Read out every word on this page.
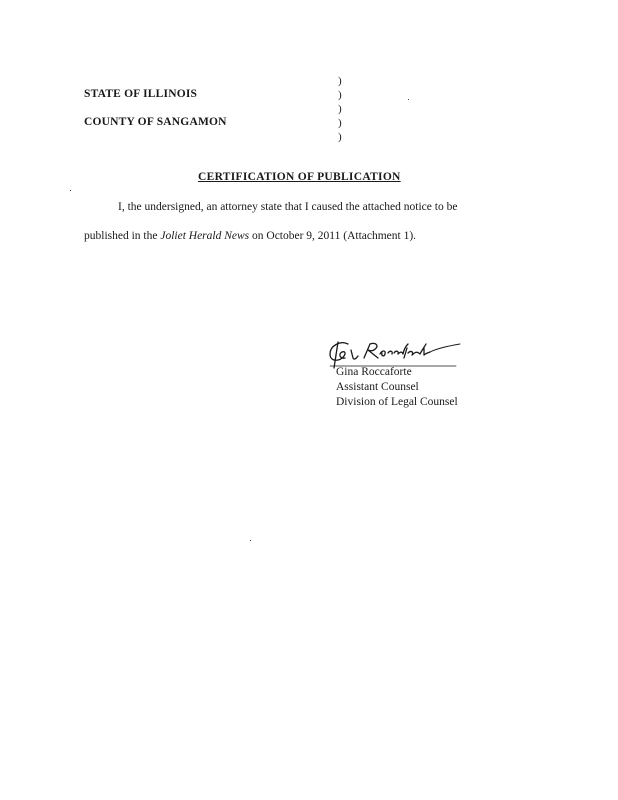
STATE OF ILLINOIS
COUNTY OF SANGAMON
)
)
)
)
)
CERTIFICATION OF PUBLICATION
I, the undersigned, an attorney state that I caused the attached notice to be
published in the Joliet Herald News on October 9, 2011 (Attachment 1).
Gina Roccaforte
Assistant Counsel
Division of Legal Counsel
